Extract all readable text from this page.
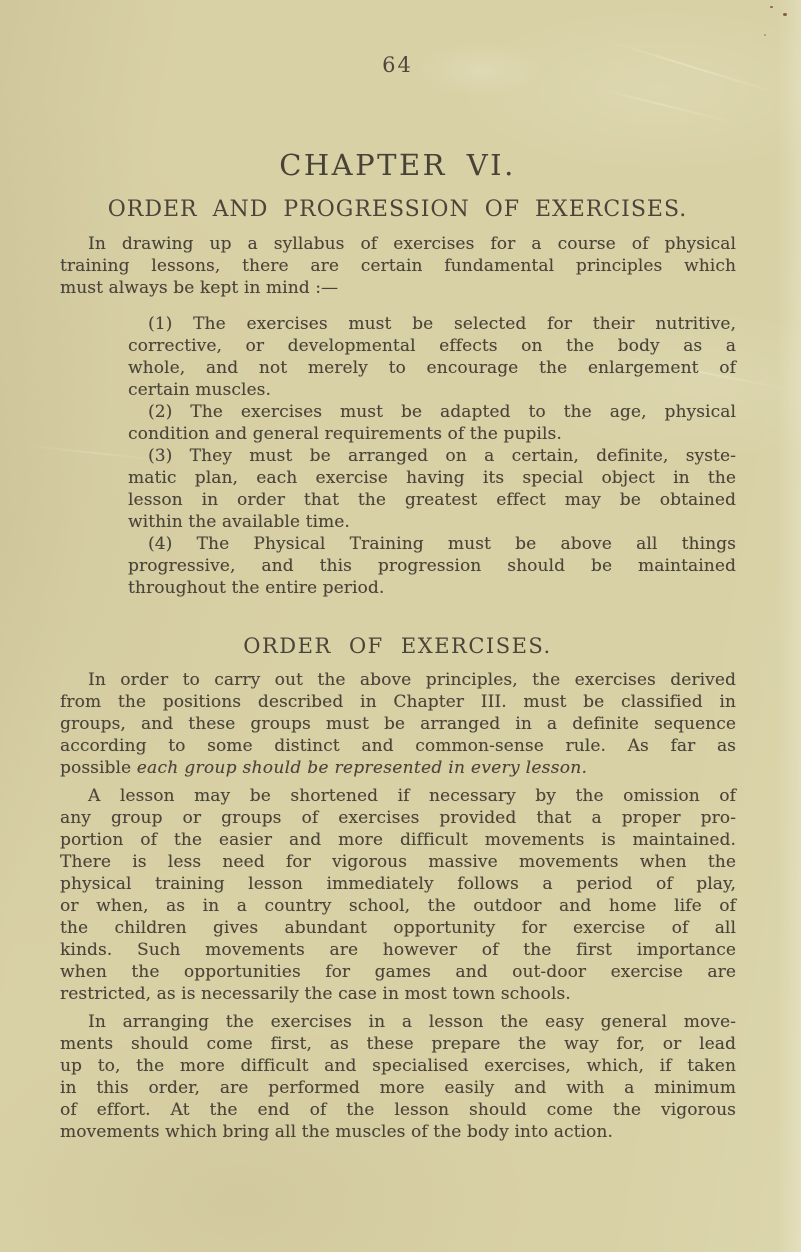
64
CHAPTER VI.
ORDER AND PROGRESSION OF EXERCISES.
In drawing up a syllabus of exercises for a course of physical
training lessons, there are certain fundamental principles which
must always be kept in mind :—
(1) The exercises must be selected for their nutritive,
corrective, or developmental effects on the body as a
whole, and not merely to encourage the enlargement of
certain muscles.
(2) The exercises must be adapted to the age, physical
condition and general requirements of the pupils.
(3) They must be arranged on a certain, definite, syste-
matic plan, each exercise having its special object in the
lesson in order that the greatest effect may be obtained
within the available time.
(4) The Physical Training must be above all things
progressive, and this progression should be maintained
throughout the entire period.
ORDER OF EXERCISES.
In order to carry out the above principles, the exercises derived
from the positions described in Chapter III. must be classified in
groups, and these groups must be arranged in a definite sequence
according to some distinct and common-sense rule. As far as
possible each group should be represented in every lesson.
A lesson may be shortened if necessary by the omission of
any group or groups of exercises provided that a proper pro-
portion of the easier and more difficult movements is maintained.
There is less need for vigorous massive movements when the
physical training lesson immediately follows a period of play,
or when, as in a country school, the outdoor and home life of
the children gives abundant opportunity for exercise of all
kinds. Such movements are however of the first importance
when the opportunities for games and out-door exercise are
restricted, as is necessarily the case in most town schools.
In arranging the exercises in a lesson the easy general move-
ments should come first, as these prepare the way for, or lead
up to, the more difficult and specialised exercises, which, if taken
in this order, are performed more easily and with a minimum
of effort. At the end of the lesson should come the vigorous
movements which bring all the muscles of the body into action.
